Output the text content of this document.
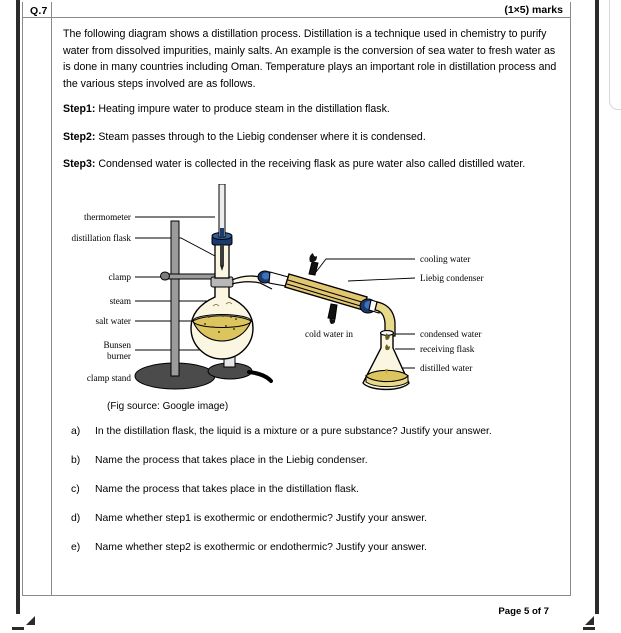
Q.7	(1×5) marks

The following diagram shows a distillation process. Distillation is a technique used in chemistry to purify water from dissolved impurities, mainly salts. An example is the conversion of sea water to fresh water as is done in many countries including Oman. Temperature plays an important role in distillation process and the various steps involved are as follows.

Step1: Heating impure water to produce steam in the distillation flask.

Step2: Steam passes through to the Liebig condenser where it is condensed.

Step3: Condensed water is collected in the receiving flask as pure water also called distilled water.

thermometer
distillation flask
clamp
steam
salt water
Bunsen
burner
clamp stand
cooling water
Liebig condenser
condensed water
receiving flask
distilled water
cold water in
(Fig source: Google image)
a) In the distillation flask, the liquid is a mixture or a pure substance? Justify your answer.
b) Name the process that takes place in the Liebig condenser.
c) Name the process that takes place in the distillation flask.
d) Name whether step1 is exothermic or endothermic? Justify your answer.
e) Name whether step2 is exothermic or endothermic? Justify your answer.
Page 5 of 7
